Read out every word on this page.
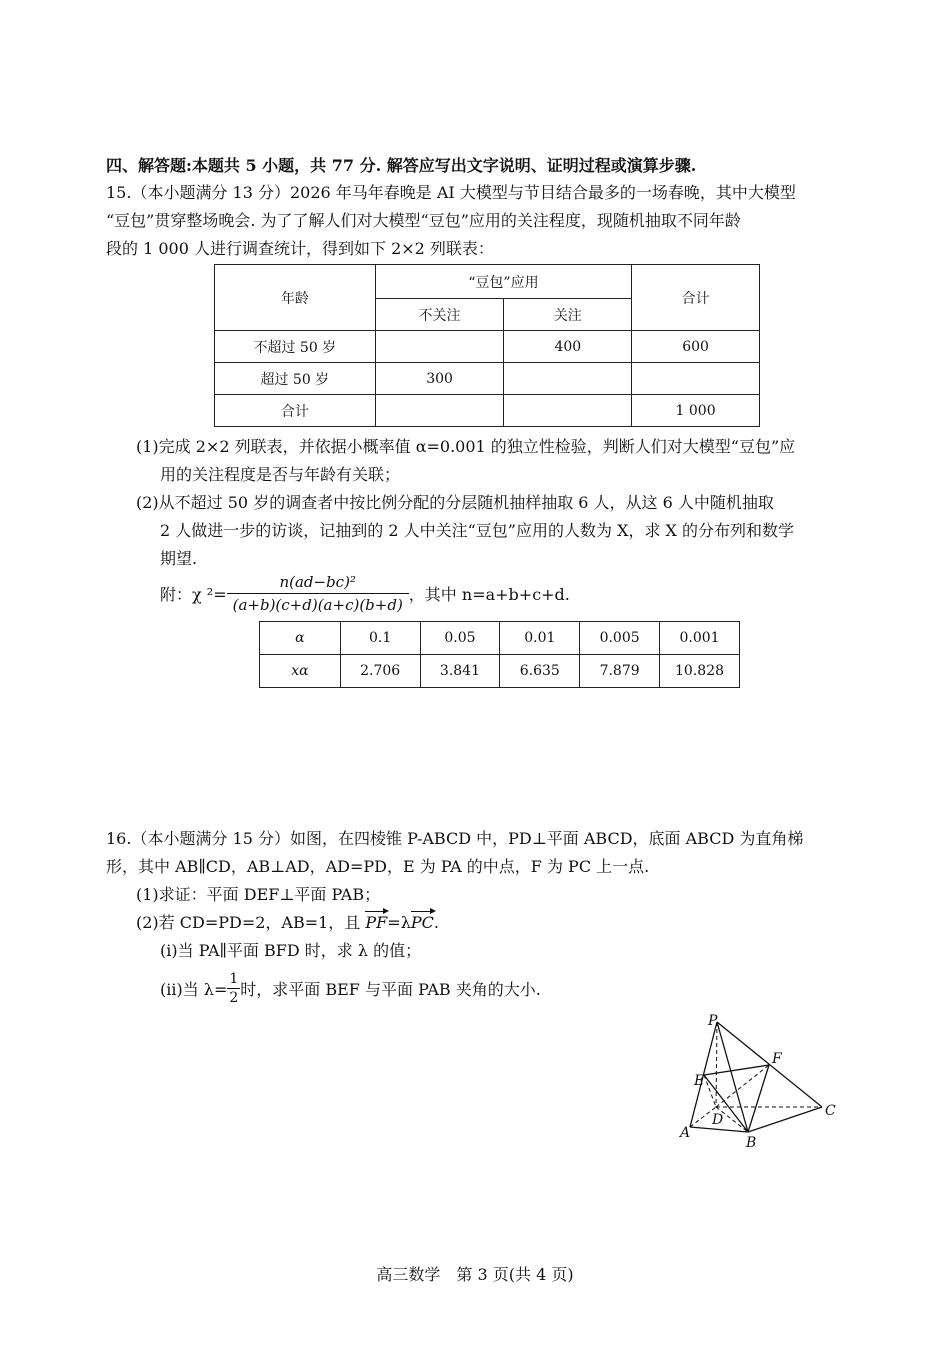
四、解答题:本题共 5 小题，共 77 分. 解答应写出文字说明、证明过程或演算步骤.
15.（本小题满分 13 分）2026 年马年春晚是 AI 大模型与节目结合最多的一场春晚，其中大模型
“豆包”贯穿整场晚会. 为了了解人们对大模型“豆包”应用的关注程度，现随机抽取不同年龄
段的 1 000 人进行调查统计，得到如下 2×2 列联表：
年龄	“豆包”应用		合计
	不关注	关注	
不超过 50 岁		400	600
超过 50 岁	300		
合计			1 000
(1)完成 2×2 列联表，并依据小概率值 α=0.001 的独立性检验，判断人们对大模型“豆包”应
用的关注程度是否与年龄有关联；
(2)从不超过 50 岁的调查者中按比例分配的分层随机抽样抽取 6 人，从这 6 人中随机抽取
2 人做进一步的访谈，记抽到的 2 人中关注“豆包”应用的人数为 X，求 X 的分布列和数学
期望.
附：χ $^2= \frac{\text{n(ad−bc)²}}{(a+b)(c+d)(a+c)(b+d)}$ ，其中 n=a+b+c+d.
α	0.1	0.05	0.01	0.005	0.001
xα	2.706	3.841	6.635	7.879	10.828
16.（本小题满分 15 分）如图，在四棱锥 P-ABCD 中，PD⊥平面 ABCD，底面 ABCD 为直角梯
形，其中 AB∥CD，AB⊥AD，AD=PD，E 为 PA 的中点，F 为 PC 上一点.
(1)求证：平面 DEF⊥平面 PAB；
(2)若 CD=PD=2，AB=1，且 PF=λPC.
(i)当 PA∥平面 BFD 时，求 λ 的值；
(ii)当 $\lambda= \frac{1}{2}$ 时，求平面 BEF 与平面 PAB 夹角的大小.
P
F
E
D
C
A
B
高三数学　第 3 页(共 4 页)
